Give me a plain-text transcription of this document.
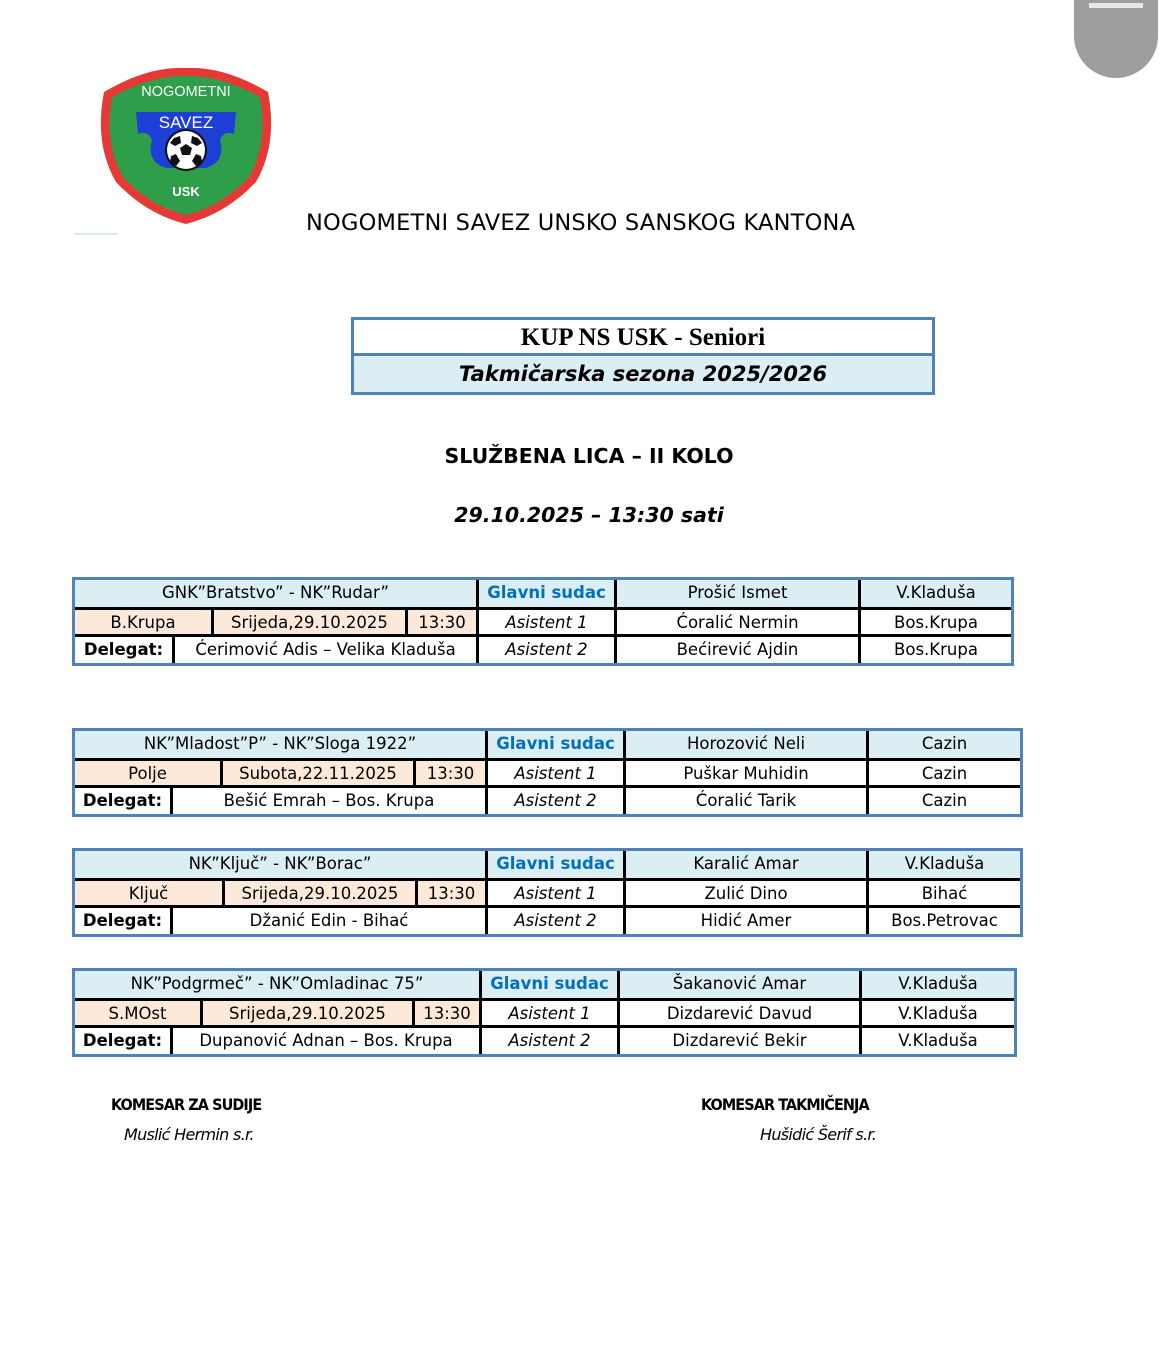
NOGOMETNI
SAVEZ
USK
NOGOMETNI SAVEZ UNSKO SANSKOG KANTONA
KUP NS USK - Seniori
Takmičarska sezona 2025/2026
SLUŽBENA LICA – II KOLO
29.10.2025 – 13:30 sati
GNK”Bratstvo” - NK”Rudar”	Glavni sudac	Prošić Ismet	V.Kladuša
B.Krupa	Srijeda,29.10.2025	13:30	Asistent 1	Ćoralić Nermin	Bos.Krupa
Delegat:	Ćerimović Adis – Velika Kladuša	Asistent 2	Bećirević Ajdin	Bos.Krupa
NK”Mladost”P” - NK”Sloga 1922”	Glavni sudac	Horozović Neli	Cazin
Polje	Subota,22.11.2025	13:30	Asistent 1	Puškar Muhidin	Cazin
Delegat:	Bešić Emrah – Bos. Krupa	Asistent 2	Ćoralić Tarik	Cazin
NK”Ključ” - NK”Borac”	Glavni sudac	Karalić Amar	V.Kladuša
Ključ	Srijeda,29.10.2025	13:30	Asistent 1	Zulić Dino	Bihać
Delegat:	Džanić Edin - Bihać	Asistent 2	Hidić Amer	Bos.Petrovac
NK”Podgrmeč” - NK”Omladinac 75”	Glavni sudac	Šakanović Amar	V.Kladuša
S.MOst	Srijeda,29.10.2025	13:30	Asistent 1	Dizdarević Davud	V.Kladuša
Delegat:	Dupanović Adnan – Bos. Krupa	Asistent 2	Dizdarević Bekir	V.Kladuša
KOMESAR ZA SUDIJE
Muslić Hermin s.r.
KOMESAR TAKMIČENJA
Hušidić Šerif s.r.
